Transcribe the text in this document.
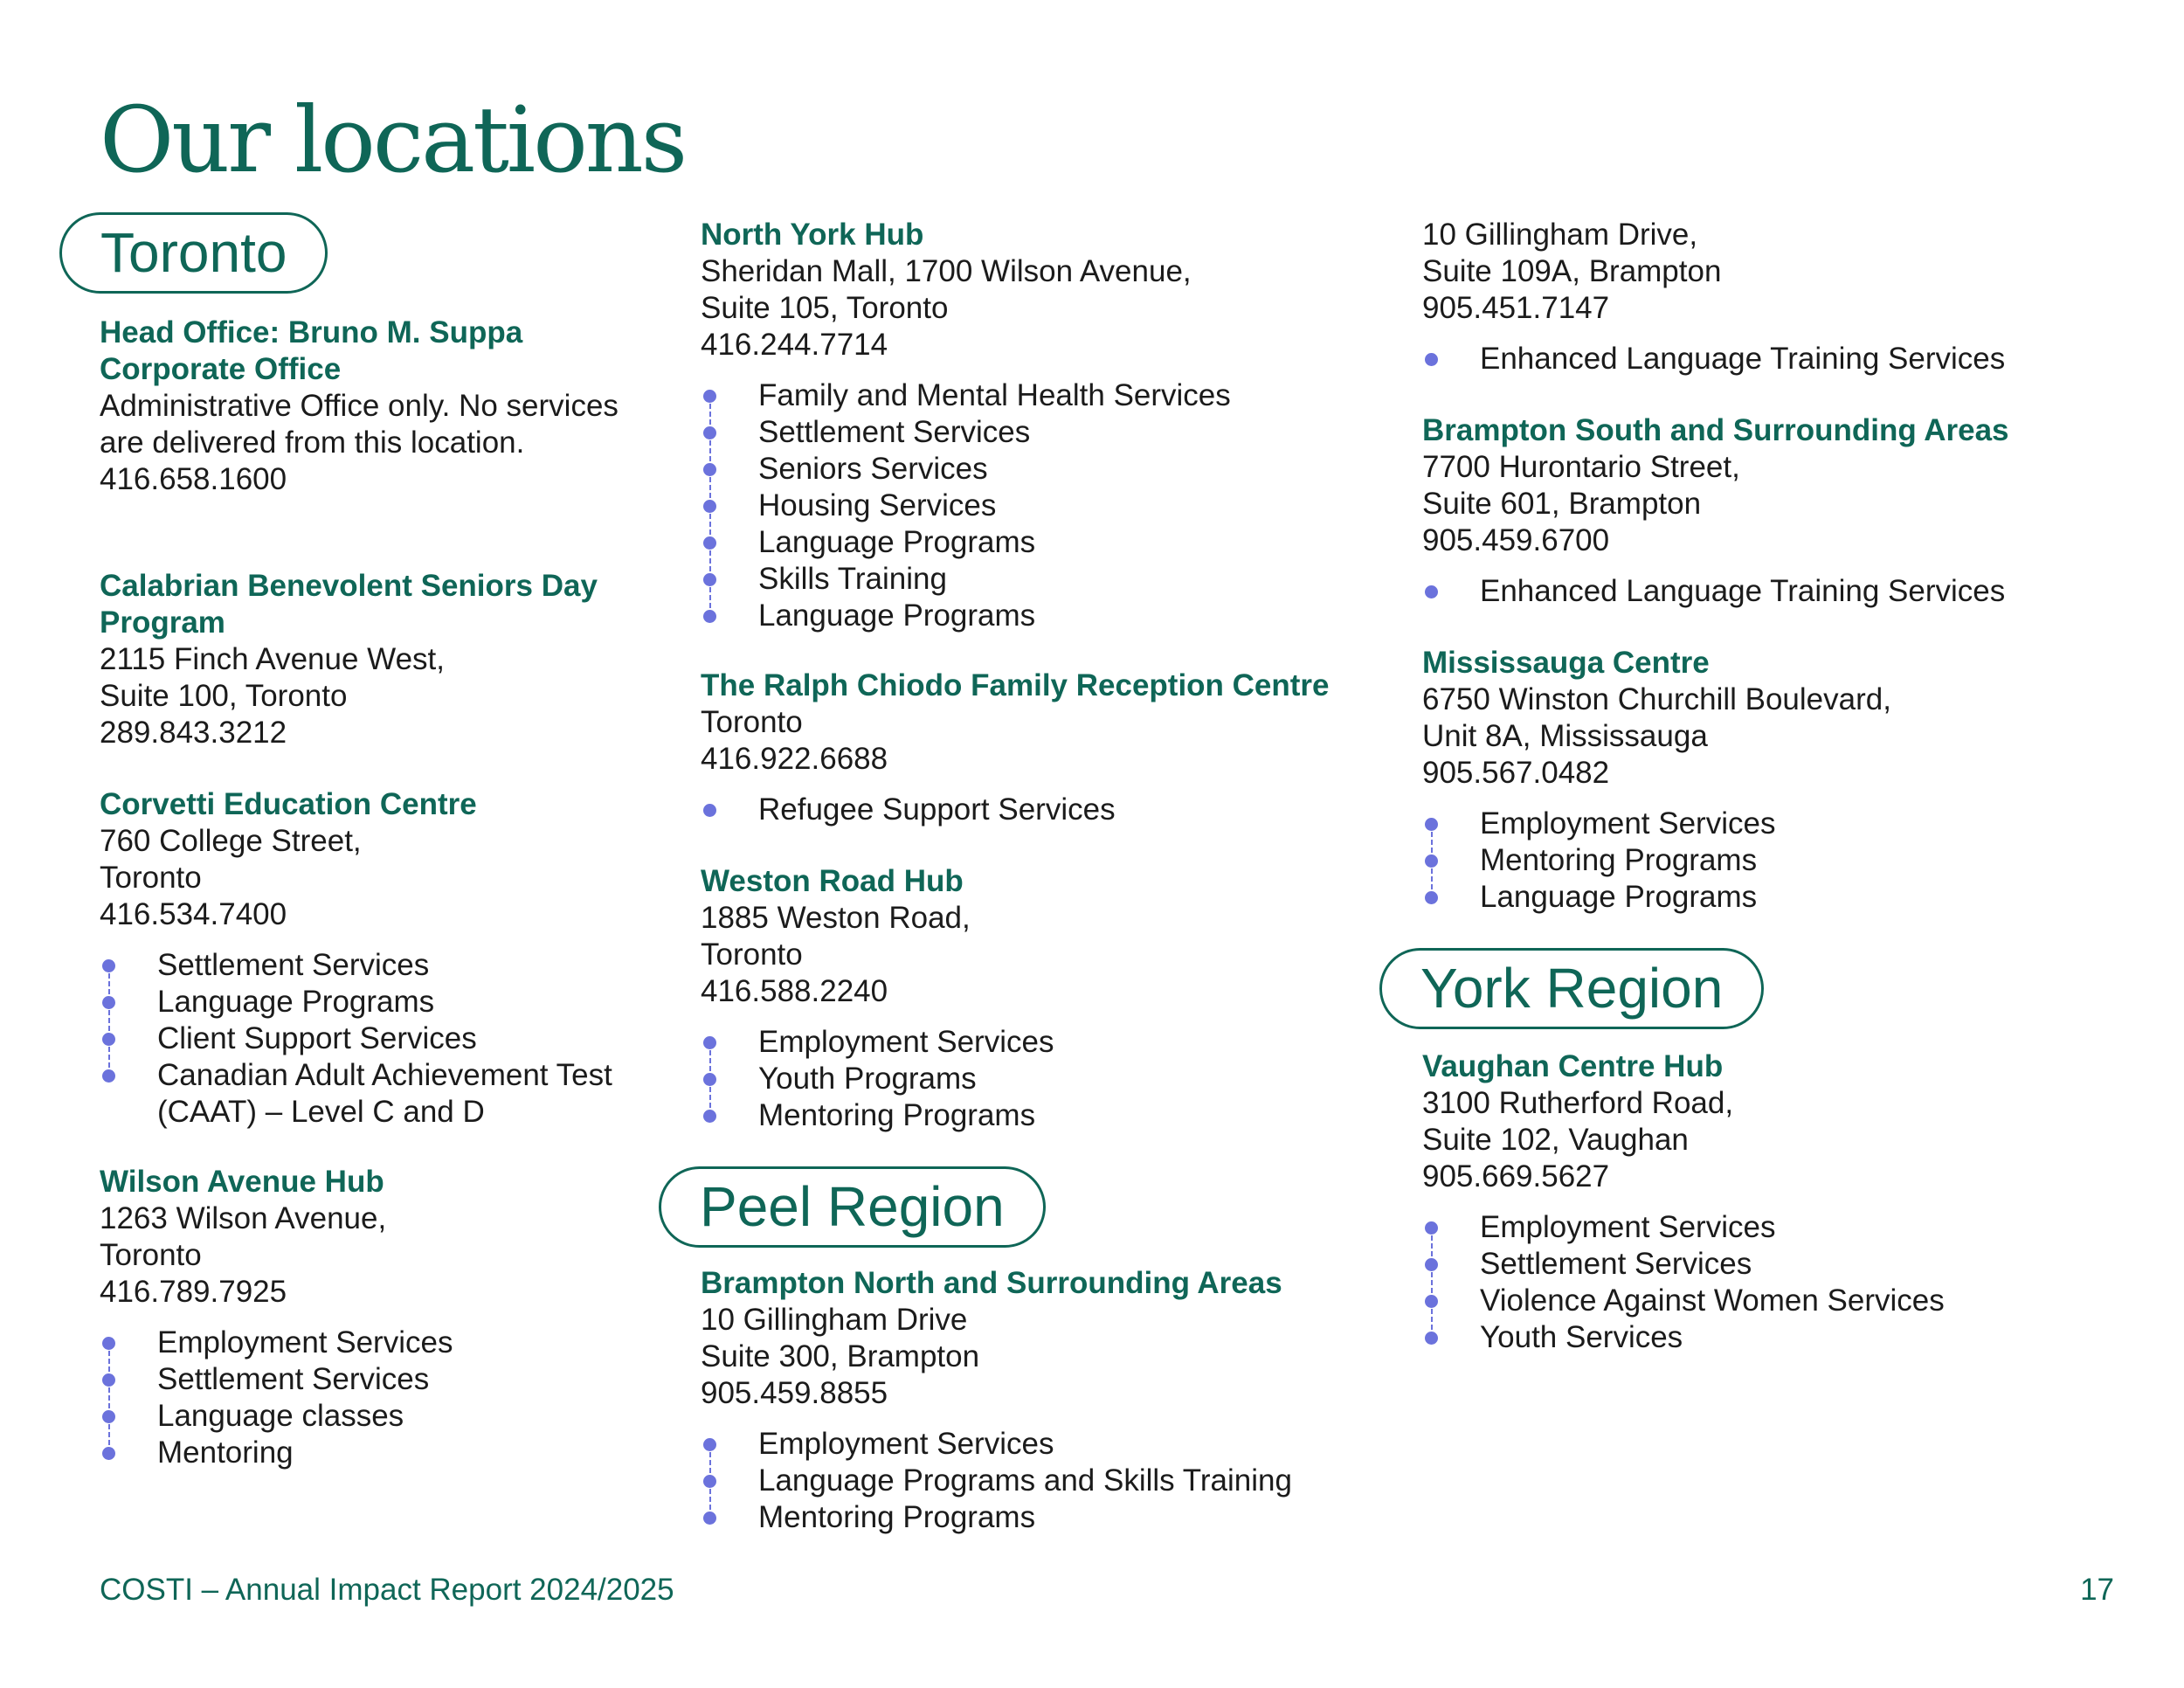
Our locations
Toronto
Head Office: Bruno M. Suppa Corporate Office
Administrative Office only. No services are delivered from this location.
416.658.1600
Calabrian Benevolent Seniors Day Program
2115 Finch Avenue West,
Suite 100, Toronto
289.843.3212
Corvetti Education Centre
760 College Street,
Toronto
416.534.7400
Settlement Services
Language Programs
Client Support Services
Canadian Adult Achievement Test (CAAT) – Level C and D
Wilson Avenue Hub
1263 Wilson Avenue,
Toronto
416.789.7925
Employment Services
Settlement Services
Language classes
Mentoring
North York Hub
Sheridan Mall, 1700 Wilson Avenue,
Suite 105, Toronto
416.244.7714
Family and Mental Health Services
Settlement Services
Seniors Services
Housing Services
Language Programs
Skills Training
Language Programs
The Ralph Chiodo Family Reception Centre
Toronto
416.922.6688
Refugee Support Services
Weston Road Hub
1885 Weston Road,
Toronto
416.588.2240
Employment Services
Youth Programs
Mentoring Programs
Peel Region
Brampton North and Surrounding Areas
10 Gillingham Drive
Suite 300, Brampton
905.459.8855
Employment Services
Language Programs and Skills Training
Mentoring Programs
10 Gillingham Drive,
Suite 109A, Brampton
905.451.7147
Enhanced Language Training Services
Brampton South and Surrounding Areas
7700 Hurontario Street,
Suite 601, Brampton
905.459.6700
Enhanced Language Training Services
Mississauga Centre
6750 Winston Churchill Boulevard,
Unit 8A, Mississauga
905.567.0482
Employment Services
Mentoring Programs
Language Programs
York Region
Vaughan Centre Hub
3100 Rutherford Road,
Suite 102, Vaughan
905.669.5627
Employment Services
Settlement Services
Violence Against Women Services
Youth Services
COSTI – Annual Impact Report 2024/2025	17
